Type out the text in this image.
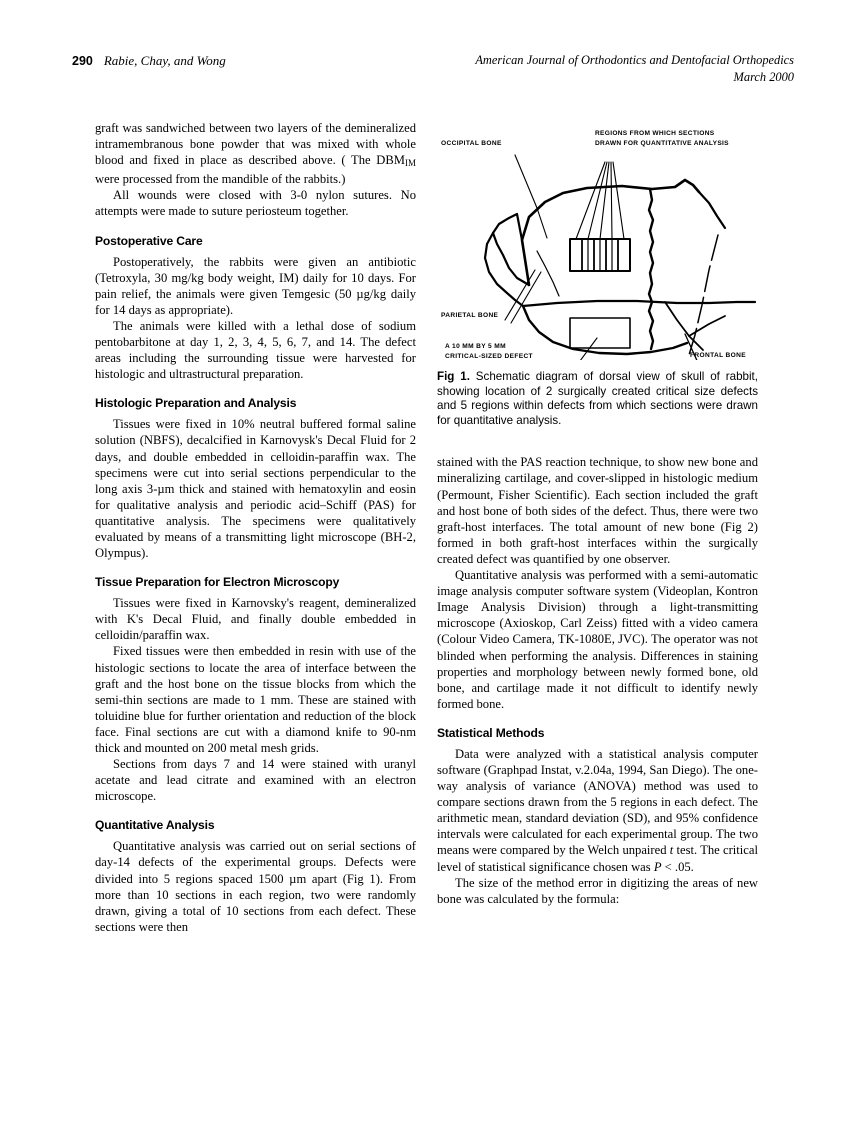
290 Rabie, Chay, and Wong	American Journal of Orthodontics and Dentofacial Orthopedics
March 2000

graft was sandwiched between two layers of the demineralized intramembranous bone powder that was mixed with whole blood and fixed in place as described above. ( The $DBM_{IM}$ were processed from the mandible of the rabbits.)

All wounds were closed with 3-0 nylon sutures. No attempts were made to suture periosteum together.

Postoperative Care

Postoperatively, the rabbits were given an antibiotic (Tetroxyla, 30 mg/kg body weight, IM) daily for 10 days. For pain relief, the animals were given Temgesic (50 µg/kg daily for 14 days as appropriate).

The animals were killed with a lethal dose of sodium pentobarbitone at day 1, 2, 3, 4, 5, 6, 7, and 14. The defect areas including the surrounding tissue were harvested for histologic and ultrastructural preparation.

Histologic Preparation and Analysis

Tissues were fixed in 10% neutral buffered formal saline solution (NBFS), decalcified in Karnovysk's Decal Fluid for 2 days, and double embedded in celloidin-paraffin wax. The specimens were cut into serial sections perpendicular to the long axis 3-µm thick and stained with hematoxylin and eosin for qualitative analysis and periodic acid–Schiff (PAS) for quantitative analysis. The specimens were qualitatively evaluated by means of a transmitting light microscope (BH-2, Olympus).

Tissue Preparation for Electron Microscopy

Tissues were fixed in Karnovsky's reagent, demineralized with K's Decal Fluid, and finally double embedded in celloidin/paraffin wax.

Fixed tissues were then embedded in resin with use of the histologic sections to locate the area of interface between the graft and the host bone on the tissue blocks from which the semi-thin sections are made to 1 mm. These are stained with toluidine blue for further orientation and reduction of the block face. Final sections are cut with a diamond knife to 90-nm thick and mounted on 200 metal mesh grids.

Sections from days 7 and 14 were stained with uranyl acetate and lead citrate and examined with an electron microscope.

Quantitative Analysis

Quantitative analysis was carried out on serial sections of day-14 defects of the experimental groups. Defects were divided into 5 regions spaced 1500 µm apart (Fig 1). From more than 10 sections in each region, two were randomly drawn, giving a total of 10 sections from each defect. These sections were then

OCCIPITAL BONE
REGIONS FROM WHICH SECTIONS
DRAWN FOR QUANTITATIVE ANALYSIS
PARIETAL BONE
A 10 MM BY 5 MM
CRITICAL-SIZED DEFECT	FRONTAL BONE
Fig 1. Schematic diagram of dorsal view of skull of rabbit, showing location of 2 surgically created critical size defects and 5 regions within defects from which sections were drawn for quantitative analysis.

stained with the PAS reaction technique, to show new bone and mineralizing cartilage, and cover-slipped in histologic medium (Permount, Fisher Scientific). Each section included the graft and host bone of both sides of the defect. Thus, there were two graft-host interfaces. The total amount of new bone (Fig 2) formed in both graft-host interfaces within the surgically created defect was quantified by one observer.

Quantitative analysis was performed with a semi-automatic image analysis computer software system (Videoplan, Kontron Image Analysis Division) through a light-transmitting microscope (Axioskop, Carl Zeiss) fitted with a video camera (Colour Video Camera, TK-1080E, JVC). The operator was not blinded when performing the analysis. Differences in staining properties and morphology between newly formed bone, old bone, and cartilage made it not difficult to identify newly formed bone.

Statistical Methods

Data were analyzed with a statistical analysis computer software (Graphpad Instat, v.2.04a, 1994, San Diego). The one-way analysis of variance (ANOVA) method was used to compare sections drawn from the 5 regions in each defect. The arithmetic mean, standard deviation (SD), and 95% confidence intervals were calculated for each experimental group. The two means were compared by the Welch unpaired t test. The critical level of statistical significance chosen was P < .05.

The size of the method error in digitizing the areas of new bone was calculated by the formula:
